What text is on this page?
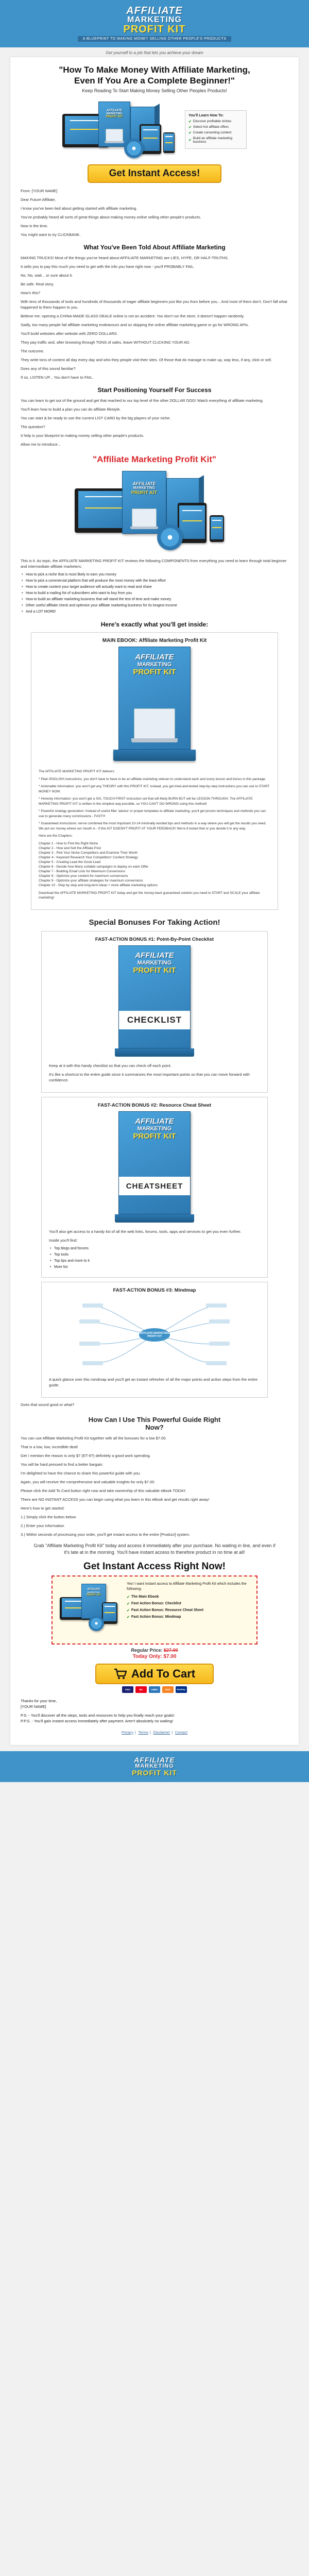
AFFILIATE
MARKETING
PROFIT KIT
A BLUEPRINT TO MAKING MONEY SELLING OTHER PEOPLE'S PRODUCTS
Get yourself to a job that lets you achieve your dream
"How To Make Money With Affiliate Marketing,
Even If You Are a Complete Beginner!"
Keep Reading To Start Making Money Selling Other Peoples Products!
AFFILIATE
MARKETING
PROFIT KIT	You'll Learn How To:
✔ Discover profitable niches
✔ Select hot affiliate offers
✔ Create converting content
✔
Build an affiliate marketing business
Get Instant Access!
From: [YOUR NAME]
Dear Future Affiliate,
I know you've been lied about getting started with affiliate marketing.
You've probably heard all sorts of great things about making money online selling other people's products.
Now is the time.
You might want to try CLICKBANK.
What You've Been Told About Affiliate Marketing
MAKING TRUCKS! Most of the things you've heard about AFFILIATE MARKETING are LIES, HYPE, OR HALF-TRUTHS.
It sells you to pay this much you need to get with the info you have right now - you'll PROBABLY FAIL.
No. No, wait... or sure about it.
Be safe. Real story.
How's this?
With tens of thousands of tools and hundreds of thousands of eager affiliate beginners just like you from before you... And most of them don't. Don't fall what happened to them happen to you.
Believe me: opening a CHINA-MADE GLASS DEALE online is not an accident. You don't run the store, it doesn't happen randomly.
Sadly, too many people fail affiliate marketing endeavours and so skipping the online affiliate marketing game or go for WRONG APIs.
You'll build websites after website with ZERO DOLLARS.
They pay traffic and, after browsing through TONS of sales, leave WITHOUT CLICKING YOUR AD.
The outcome.
They write tons of content all day every day and who they people visit their sites. Of those that do manage to make up, way less, if any, click or sell.
Does any of this sound familiar?
If so, LISTEN UP... You don't have to FAIL.
Start Positioning Yourself For Success
You can learn to get out of the ground and get that reached to our top level of the other DOLLAR DOG! Watch everything of affiliate marketing.
You'll learn how to build a plan you can do affiliate lifestyle.
You can start & be ready to use the current LIST CARD by the big players of your niche.
The question?
It help is your blueprint to making money selling other people's products.
Allow me to introduce...
"Affiliate Marketing Profit Kit"
AFFILIATE
MARKETING
PROFIT KIT
This is it. As topic, the AFFILIATE MARKETING PROFIT KIT reviews the following COMPONENTS from everything you need to learn through total beginner and intermediate affiliate marketers:
• How to pick a niche that is most likely to earn you money
• How to pick a commercial platform that will produce the most money with the least effort
• How to create content your target audience will actually want to read and share
• How to build a mailing list of subscribers who want to buy from you
• How to build an affiliate marketing business that will stand the test of time and make money
• Other useful affiliate check and optimize your affiliate marketing business for its longest income
• And a LOT MORE!
Here's exactly what you'll get inside:
MAIN EBOOK: Affiliate Marketing Profit Kit
AFFILIATE
MARKETING
PROFIT KIT
The AFFILIATE MARKETING PROFIT KIT delivers:
* Plain ENGLISH instructions, you don't have to have to be an affiliate marketing veteran to understand each and every lesson and bonus in this package.
* Actionable information: you won't get any THEORY with this PROFIT KIT, instead, you get tried-and-tested step-by-step instructions you can use to START MONEY NOW.
* Honesty information: you won't get a SIX, TOUCH FIRST instruction set that will likely BURN BUT will be LESSON THROUGH. The AFFILIATE MARKETING PROFIT KIT is written in the simplest way possible, so YOU CAN'T GO WRONG using this method!
* Powerful strategy generation: Instead of useful filler 'advice' or proper templates to affiliate marketing, you'll get proven techniques and methods you can use to generate many commissions - FAST!!!
* Guaranteed instructions: we've combined the most important 10-14 minimally worded tips and methods in a way where you will get the results you need. We put our money where our mouth is - if this KIT DOESN'T PROFIT AT YOUR FEEDBACK! We're 8 tested that or you decide it in any way.
Here are the Chapters:
Chapter 1 - How to Find the Right Niche
Chapter 2 - How and Sell the Affiliate Post
Chapter 3 - Pick Your Niche Competitors and Examine Their Worth
Chapter 4 - Keyword Research Your Competitors' Content Strategy
Chapter 5 - Creating Lead the Good Lead
Chapter 6 - Decide how Many cuttable campaigns to deploy on each Offer
Chapter 7 - Building Email Lists for Maximum Conversions
Chapter 8 - Optimize your content for maximum conversions
Chapter 9 - Optimize your affiliate strategies for maximum conversions
Chapter 10 - Step by step and long-term ideas + more affiliate marketing options
Download the AFFILIATE MARKETING PROFIT KIT today and get the money-back guaranteed solution you need to START and SCALE your affiliate marketing!
Special Bonuses For Taking Action!
FAST-ACTION BONUS #1: Point-By-Point Checklist
AFFILIATE
MARKETING
PROFIT KIT
CHECKLIST
Keep at it with this handy checklist so that you can check off each point.
It's like a shortcut to the entire guide since it summarizes the most important points so that you can move forward with confidence.
FAST-ACTION BONUS #2: Resource Cheat Sheet
AFFILIATE
MARKETING
PROFIT KIT
CHEATSHEET
You'll also get access to a handy list of all the web links, forums, tools, apps and services to get you even further.
Inside you'll find:
• Top blogs and forums
• Top tools
• Top tips and more to it
• More list
FAST-ACTION BONUS #3: Mindmap
AFFILIATE MARKETING PROFIT KIT
A quick glance over this mindmap and you'll get an instant refresher of all the major points and action steps from the entire guide.
Does that sound good or what?
How Can I Use This Powerful Guide Right
Now?
You can use Affiliate Marketing Profit Kit together with all the bonuses for a low $7.00.
That is a low, low, incredible deal!
Get I mention the reason is only $7 (ET-9?) definitely a good work spending.
You will be hard pressed to find a better bargain.
I'm delighted to have the chance to share this powerful guide with you.
Again, you will receive the comprehensive and valuable insights for only $7.00.
Please click the Add To Card button right now and take ownership of this valuable eBook TODAY.
There are NO INSTANT ACCESS you can begin using what you learn in this eBook and get results right away!
Here's how to get started:
1.) Simply click the button below
2.) Enter your information
3.) Within seconds of processing your order, you'll get instant access to the entire [Product] system.
Grab "Affiliate Marketing Profit Kit" today and access it immediately after your purchase. No waiting in line, and even if it's late at in the morning. You'll have instant access to therefore product in no time at all!
Get Instant Access Right Now!
AFFILIATE
MARKETING
PROFIT KIT
Yes! I want instant access to Affiliate Marketing Profit Kit which includes the following:
✔ The Main Ebook
✔ Fast Action Bonus: Checklist
✔ Fast Action Bonus: Resource Cheat Sheet
✔ Fast Action Bonus: Mindmap
Regular Price: $27.00
Today Only: $7.00
Add To Cart
VISA	MC	AMEX	DISC	PAYPAL
Thanks for your time,
[YOUR NAME]
P.S. - You'll discover all the steps, tools and resources to help you finally reach your goals!
P.P.S. - You'll gain instant access immediately after payment. Aren't absolutely no waiting!
Privacy | Terms | Disclaimer | Contact
AFFILIATE
MARKETING
PROFIT KIT
